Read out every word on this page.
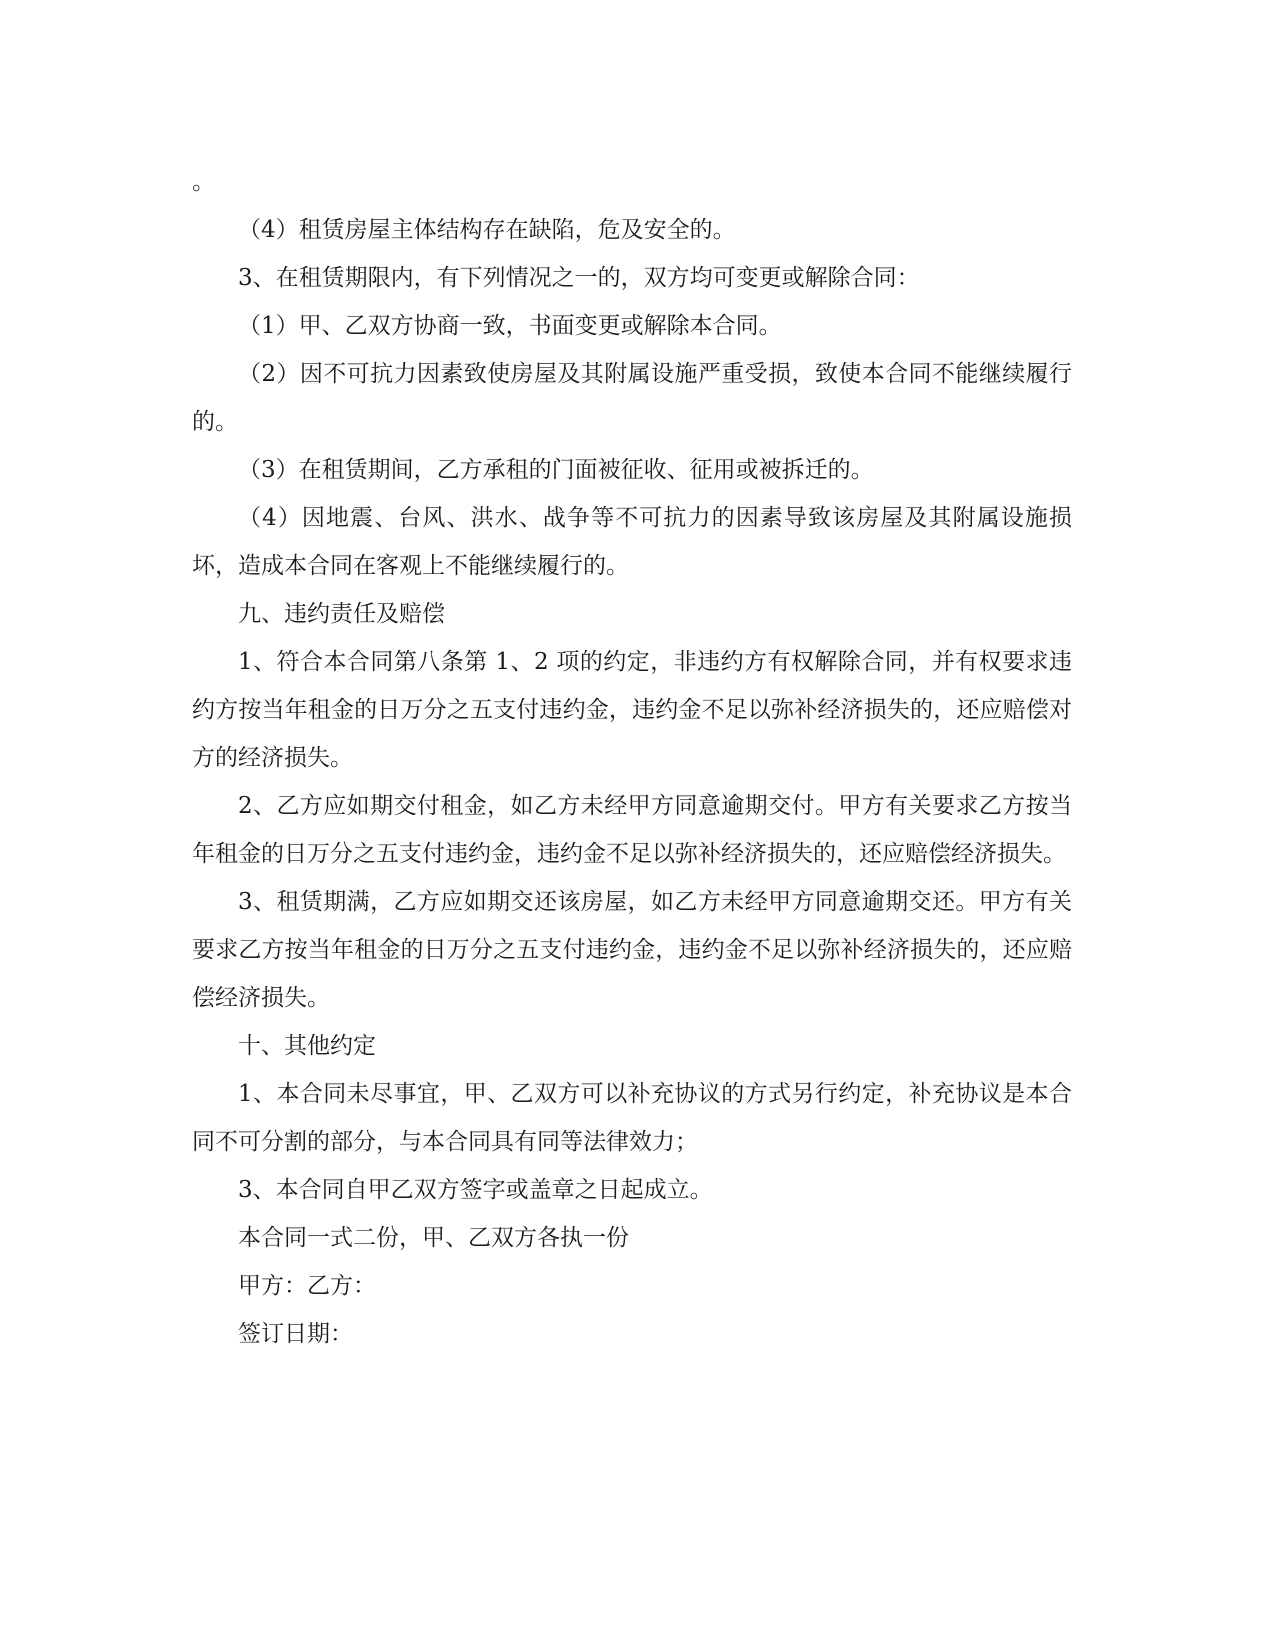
。

（4）租赁房屋主体结构存在缺陷，危及安全的。

3、在租赁期限内，有下列情况之一的，双方均可变更或解除合同：

（1）甲、乙双方协商一致，书面变更或解除本合同。

（2）因不可抗力因素致使房屋及其附属设施严重受损，致使本合同不能继续履行的。

（3）在租赁期间，乙方承租的门面被征收、征用或被拆迁的。

（4）因地震、台风、洪水、战争等不可抗力的因素导致该房屋及其附属设施损坏，造成本合同在客观上不能继续履行的。

九、违约责任及赔偿

1、符合本合同第八条第 1、2 项的约定，非违约方有权解除合同，并有权要求违约方按当年租金的日万分之五支付违约金，违约金不足以弥补经济损失的，还应赔偿对方的经济损失。

2、乙方应如期交付租金，如乙方未经甲方同意逾期交付。甲方有关要求乙方按当年租金的日万分之五支付违约金，违约金不足以弥补经济损失的，还应赔偿经济损失。

3、租赁期满，乙方应如期交还该房屋，如乙方未经甲方同意逾期交还。甲方有关要求乙方按当年租金的日万分之五支付违约金，违约金不足以弥补经济损失的，还应赔偿经济损失。

十、其他约定

1、本合同未尽事宜，甲、乙双方可以补充协议的方式另行约定，补充协议是本合同不可分割的部分，与本合同具有同等法律效力；

3、本合同自甲乙双方签字或盖章之日起成立。

本合同一式二份，甲、乙双方各执一份

甲方：乙方：

签订日期：
